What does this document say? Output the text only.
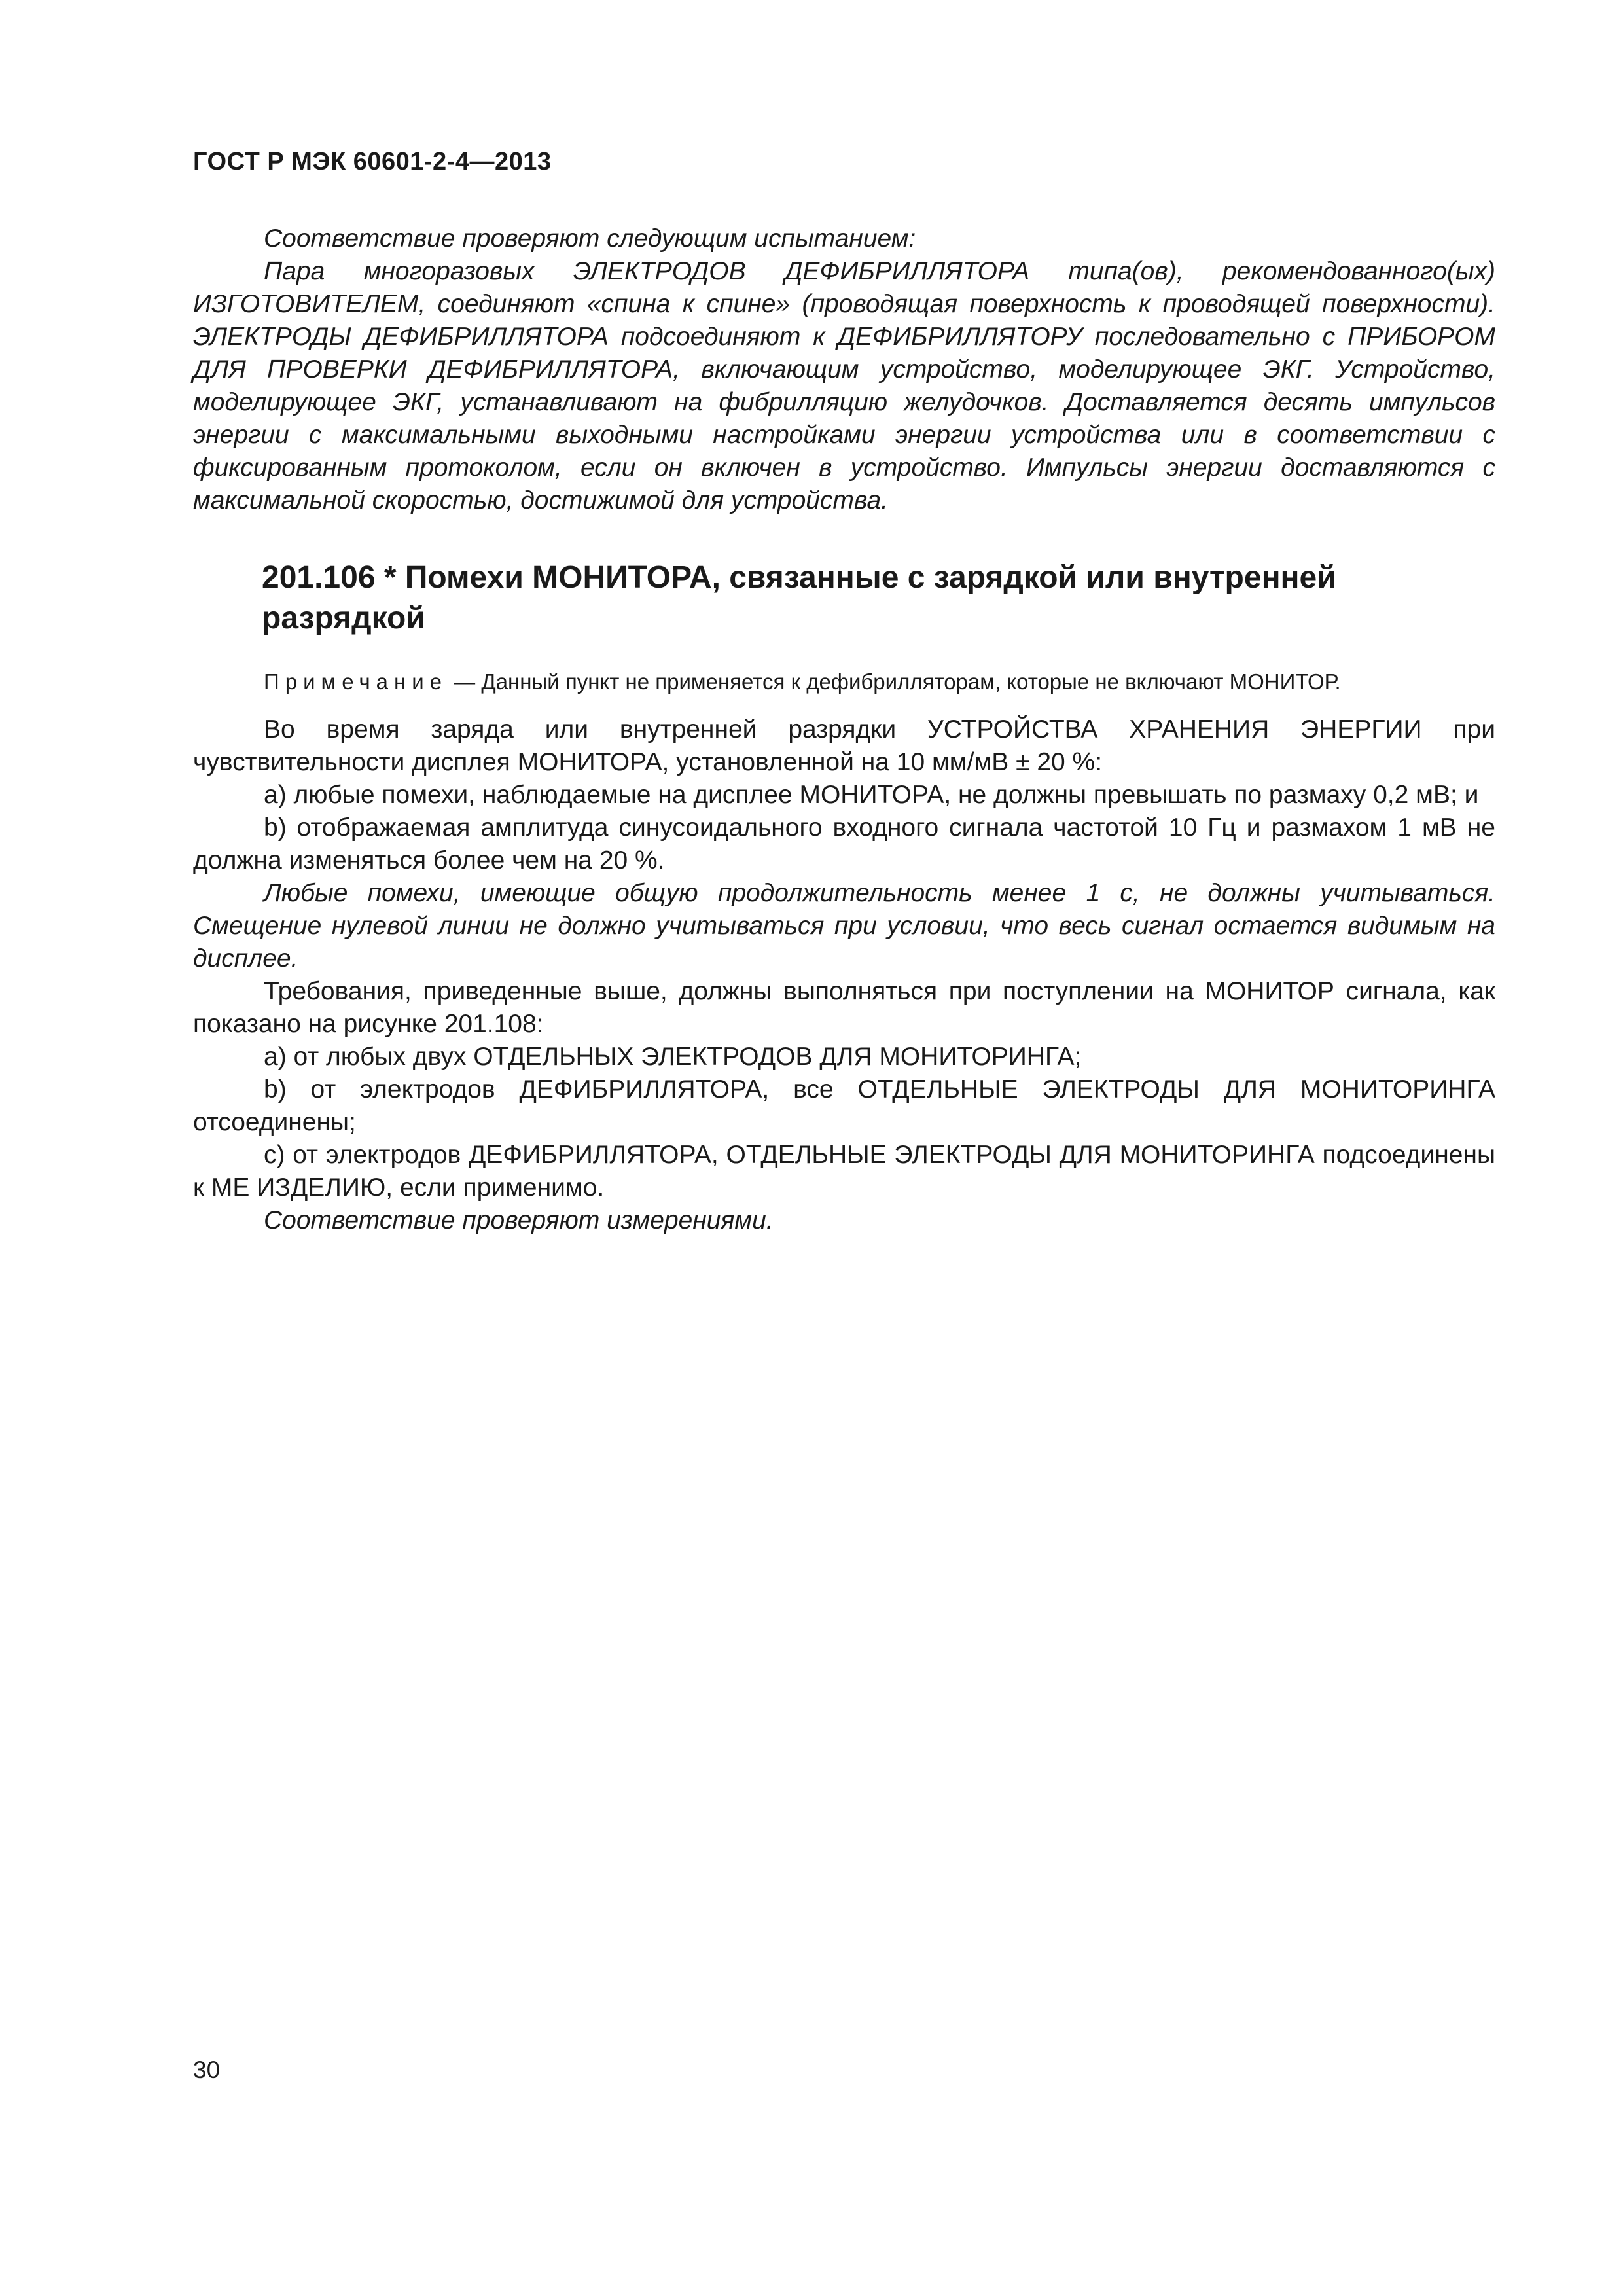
ГОСТ Р МЭК 60601-2-4—2013

Соответствие проверяют следующим испытанием:

Пара многоразовых ЭЛЕКТРОДОВ ДЕФИБРИЛЛЯТОРА типа(ов), рекомендованного(ых) ИЗГОТОВИТЕЛЕМ, соединяют «спина к спине» (проводящая поверхность к проводящей поверхности). ЭЛЕКТРОДЫ ДЕФИБРИЛЛЯТОРА подсоединяют к ДЕФИБРИЛЛЯТОРУ последовательно с ПРИБОРОМ ДЛЯ ПРОВЕРКИ ДЕФИБРИЛЛЯТОРА, включающим устройство, моделирующее ЭКГ. Устройство, моделирующее ЭКГ, устанавливают на фибрилляцию желудочков. Доставляется десять импульсов энергии с максимальными выходными настройками энергии устройства или в соответствии с фиксированным протоколом, если он включен в устройство. Импульсы энергии доставляются с максимальной скоростью, достижимой для устройства.

201.106 * Помехи МОНИТОРА, связанные с зарядкой или внутренней разрядкой
Примечание — Данный пункт не применяется к дефибрилляторам, которые не включают МОНИТОР.

Во время заряда или внутренней разрядки УСТРОЙСТВА ХРАНЕНИЯ ЭНЕРГИИ при чувствительности дисплея МОНИТОРА, установленной на 10 мм/мВ ± 20 %:

a) любые помехи, наблюдаемые на дисплее МОНИТОРА, не должны превышать по размаху 0,2 мВ; и

b) отображаемая амплитуда синусоидального входного сигнала частотой 10 Гц и размахом 1 мВ не должна изменяться более чем на 20 %.

Любые помехи, имеющие общую продолжительность менее 1 с, не должны учитываться. Смещение нулевой линии не должно учитываться при условии, что весь сигнал остается видимым на дисплее.

Требования, приведенные выше, должны выполняться при поступлении на МОНИТОР сигнала, как показано на рисунке 201.108:

a) от любых двух ОТДЕЛЬНЫХ ЭЛЕКТРОДОВ ДЛЯ МОНИТОРИНГА;

b) от электродов ДЕФИБРИЛЛЯТОРА, все ОТДЕЛЬНЫЕ ЭЛЕКТРОДЫ ДЛЯ МОНИТОРИНГА отсоединены;

c) от электродов ДЕФИБРИЛЛЯТОРА, ОТДЕЛЬНЫЕ ЭЛЕКТРОДЫ ДЛЯ МОНИТОРИНГА подсоединены к МЕ ИЗДЕЛИЮ, если применимо.

Соответствие проверяют измерениями.

30
